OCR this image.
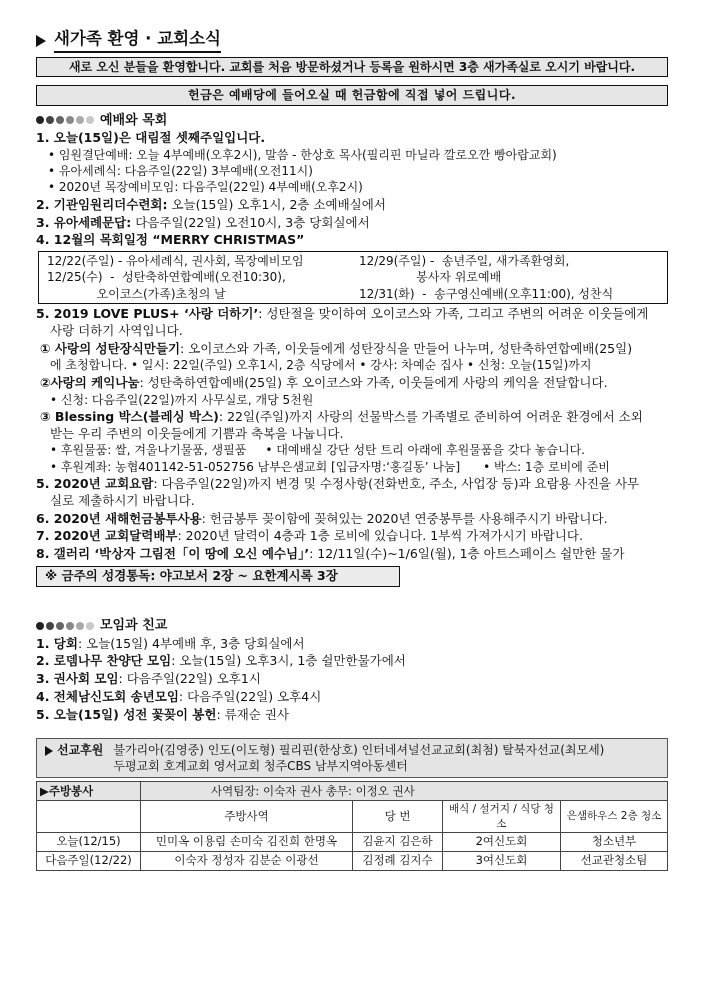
새가족 환영 · 교회소식
새로 오신 분들을 환영합니다. 교회를 처음 방문하셨거나 등록을 원하시면 3층 새가족실로 오시기 바랍니다.
헌금은 예배당에 들어오실 때 헌금함에 직접 넣어 드립니다.
예배와 목회
1. 오늘(15일)은 대림절 셋째주일입니다.
• 임원결단예배: 오늘 4부예배(오후2시), 말씀 - 한상호 목사(필리핀 마닐라 깔로오깐 빵아랍교회)
• 유아세례식: 다음주일(22일) 3부예배(오전11시)
• 2020년 목장예비모임: 다음주일(22일) 4부예배(오후2시)
2. 기관임원리더수련회: 오늘(15일) 오후1시, 2층 소예배실에서
3. 유아세례문답: 다음주일(22일) 오전10시, 3층 당회실에서
4. 12월의 목회일정 “MERRY CHRISTMAS”
12/22(주일) - 유아세례식, 권사회, 목장예비모임
12/25(수)  -  성탄축하연합예배(오전10:30),
오이코스(가족)초청의 날
12/29(주일) -  송년주일, 새가족환영회,
봉사자 위로예배
12/31(화)  -  송구영신예배(오후11:00), 성찬식
5. 2019 LOVE PLUS+ ‘사랑 더하기’: 성탄절을 맞이하여 오이코스와 가족, 그리고 주변의 어려운 이웃들에게
사랑 더하기 사역입니다.
① 사랑의 성탄장식만들기: 오이코스와 가족, 이웃들에게 성탄장식을 만들어 나누며, 성탄축하연합예배(25일)
에 초청합니다. • 일시: 22일(주일) 오후1시, 2층 식당에서 • 강사: 차예순 집사 • 신청: 오늘(15일)까지
②사랑의 케익나눔: 성탄축하연합예배(25일) 후 오이코스와 가족, 이웃들에게 사랑의 케익을 전달합니다.
• 신청: 다음주일(22일)까지 사무실로, 개당 5천원
③ Blessing 박스(블레싱 박스): 22일(주일)까지 사랑의 선물박스를 가족별로 준비하여 어려운 환경에서 소외
받는 우리 주변의 이웃들에게 기쁨과 축복을 나눕니다.
• 후원물품: 쌀, 겨울나기물품, 생필품     • 대예배실 강단 성탄 트리 아래에 후원물품을 갖다 놓습니다.
• 후원계좌: 농협401142-51-052756 남부은샘교회 [입금자명:‘홍길동’ 나눔]      • 박스: 1층 로비에 준비
5. 2020년 교회요람: 다음주일(22일)까지 변경 및 수정사항(전화번호, 주소, 사업장 등)과 요람용 사진을 사무
실로 제출하시기 바랍니다.
6. 2020년 새해헌금봉투사용: 헌금봉투 꽂이함에 꽂혀있는 2020년 연중봉투를 사용해주시기 바랍니다.
7. 2020년 교회달력배부: 2020년 달력이 4층과 1층 로비에 있습니다. 1부씩 가져가시기 바랍니다.
8. 갤러리 ‘박상자 그림전「이 땅에 오신 예수님」’: 12/11일(수)~1/6일(월), 1층 아트스페이스 쉴만한 물가
※ 금주의 성경통독: 야고보서 2장 ~ 요한계시록 3장
모임과 친교
1. 당회: 오늘(15일) 4부예배 후, 3층 당회실에서
2. 로뎀나무 찬양단 모임: 오늘(15일) 오후3시, 1층 쉴만한물가에서
3. 권사회 모임: 다음주일(22일) 오후1시
4. 전체남신도회 송년모임: 다음주일(22일) 오후4시
5. 오늘(15일) 성전 꽃꽂이 봉헌: 류재순 권사
선교후원 불가리아(김영중) 인도(이도형) 필리핀(한상호) 인터네셔널선교교회(최첨) 탈북자선교(최모세)
두평교회 호계교회 영서교회 청주CBS 남부지역아동센터
▶주방봉사	사역팀장: 이숙자 권사 총무: 이정오 권사			
	주방사역	당 번	배식 / 설거지 / 식당 청소	은샘하우스 2층 청소
오늘(12/15)	민미옥 이용림 손미숙 김진희 한명옥	김윤지 김은하	2여신도회	청소년부
다음주일(12/22)	이숙자 정성자 김분순 이광선	김정례 김지수	3여신도회	선교관청소팀
